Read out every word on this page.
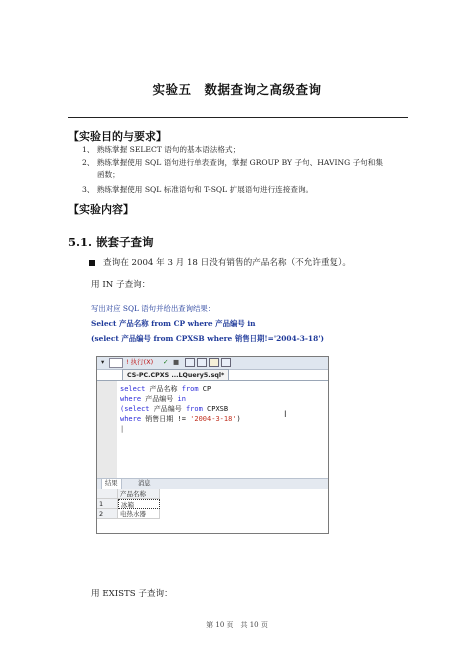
实验五　数据查询之高级查询
【实验目的与要求】
1、 熟练掌握 SELECT 语句的基本语法格式；
2、 熟练掌握使用 SQL 语句进行单表查询，掌握 GROUP BY 子句、HAVING 子句和集
函数；
3、 熟练掌握使用 SQL 标准语句和 T-SQL 扩展语句进行连接查询。
【实验内容】
5.1. 嵌套子查询
查询在 2004 年 3 月 18 日没有销售的产品名称（不允许重复）。
用 IN 子查询：
写出对应 SQL 语句并给出查询结果：
Select 产品名称 from CP where 产品编号 in
(select 产品编号 from CPXSB where 销售日期!='2004-3-18')
▾	! 执行(X) ✓ ■
CS-PC.CPXS ...LQuery5.sql*
select 产品名称 from CP
where 产品编号 in
(select 产品编号 from CPXSB
where 销售日期 != '2004-3-18')
|
I
结果	消息
产品名称
1	冰箱
2	电热水器
用 EXISTS 子查询：
第 10 页　共 10 页
